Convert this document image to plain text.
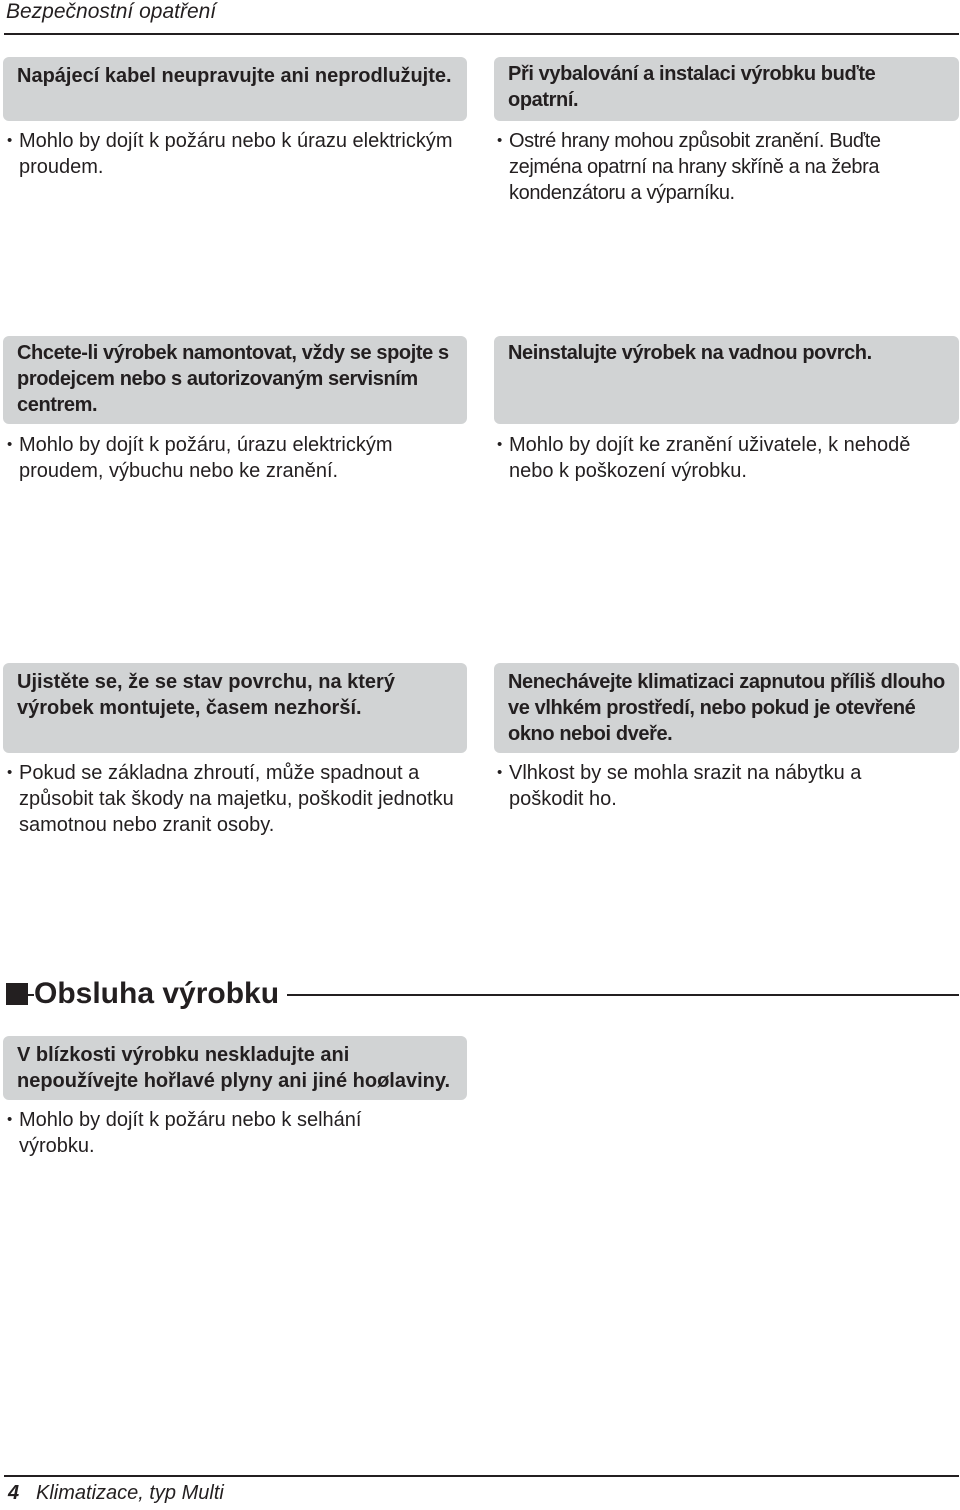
Bezpečnostní opatření
Napájecí kabel neupravujte ani neprodlužujte.
• Mohlo by dojít k požáru nebo k úrazu elektrickým proudem.
Při vybalování a instalaci výrobku buďte opatrní.
• Ostré hrany mohou způsobit zranění. Buďte zejména opatrní na hrany skříně a na žebra kondenzátoru a výparníku.
Chcete-li výrobek namontovat, vždy se spojte s prodejcem nebo s autorizovaným servisním centrem.
• Mohlo by dojít k požáru, úrazu elektrickým proudem, výbuchu nebo ke zranění.
Neinstalujte výrobek na vadnou povrch.
• Mohlo by dojít ke zranění uživatele, k nehodě nebo k poškození výrobku.
Ujistěte se, že se stav povrchu, na který výrobek montujete, časem nezhorší.
• Pokud se základna zhroutí, může spadnout a způsobit tak škody na majetku, poškodit jednotku samotnou nebo zranit osoby.
Nenechávejte klimatizaci zapnutou příliš dlouho ve vlhkém prostředí, nebo pokud je otevřené okno neboi dveře.
• Vlhkost by se mohla srazit na nábytku a poškodit ho.
Obsluha výrobku
V blízkosti výrobku neskladujte ani nepoužívejte hořlavé plyny ani jiné hoølaviny.
• Mohlo by dojít k požáru nebo k selhání výrobku.
4 Klimatizace, typ Multi
